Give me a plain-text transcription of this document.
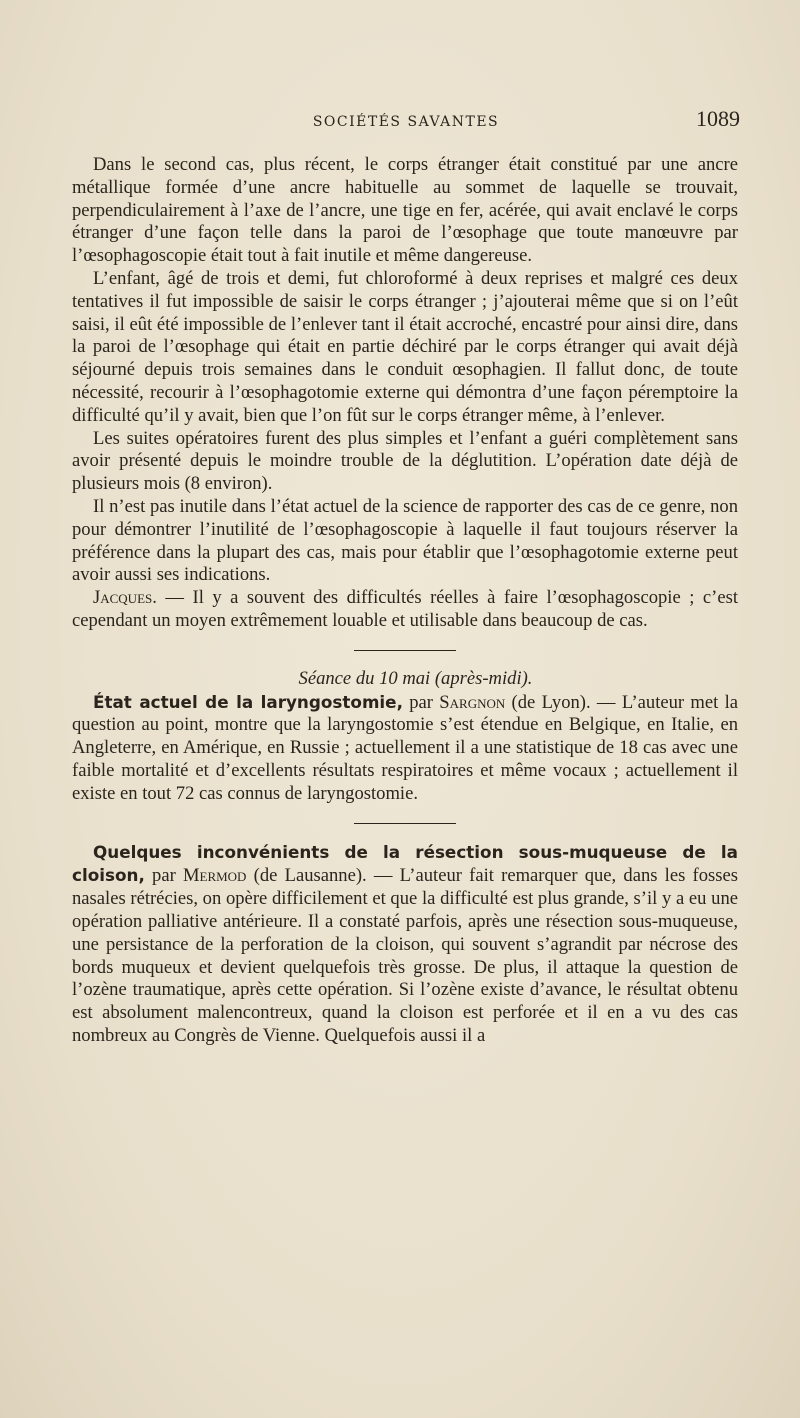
SOCIÉTÉS SAVANTES	1089

Dans le second cas, plus récent, le corps étranger était constitué par une ancre métallique formée d’une ancre habituelle au sommet de laquelle se trouvait, perpendiculairement à l’axe de l’ancre, une tige en fer, acérée, qui avait enclavé le corps étranger d’une façon telle dans la paroi de l’œsophage que toute manœuvre par l’œsophagoscopie était tout à fait inutile et même dangereuse.

L’enfant, âgé de trois et demi, fut chloroformé à deux reprises et malgré ces deux tentatives il fut impossible de saisir le corps étranger ; j’ajouterai même que si on l’eût saisi, il eût été impossible de l’enlever tant il était accroché, encastré pour ainsi dire, dans la paroi de l’œsophage qui était en partie déchiré par le corps étranger qui avait déjà séjourné depuis trois semaines dans le conduit œsophagien. Il fallut donc, de toute nécessité, recourir à l’œsophagotomie externe qui démontra d’une façon péremptoire la difficulté qu’il y avait, bien que l’on fût sur le corps étranger même, à l’enlever.

Les suites opératoires furent des plus simples et l’enfant a guéri complètement sans avoir présenté depuis le moindre trouble de la déglutition. L’opération date déjà de plusieurs mois (8 environ).

Il n’est pas inutile dans l’état actuel de la science de rapporter des cas de ce genre, non pour démontrer l’inutilité de l’œsophagoscopie à laquelle il faut toujours réserver la préférence dans la plupart des cas, mais pour établir que l’œsophagotomie externe peut avoir aussi ses indications.

Jacques. — Il y a souvent des difficultés réelles à faire l’œsophagoscopie ; c’est cependant un moyen extrêmement louable et utilisable dans beaucoup de cas.

Séance du 10 mai (après-midi).

État actuel de la laryngostomie, par Sargnon (de Lyon). — L’auteur met la question au point, montre que la laryngostomie s’est étendue en Belgique, en Italie, en Angleterre, en Amérique, en Russie ; actuellement il a une statistique de 18 cas avec une faible mortalité et d’excellents résultats respiratoires et même vocaux ; actuellement il existe en tout 72 cas connus de laryngostomie.

Quelques inconvénients de la résection sous-muqueuse de la cloison, par Mermod (de Lausanne). — L’auteur fait remarquer que, dans les fosses nasales rétrécies, on opère difficilement et que la difficulté est plus grande, s’il y a eu une opération palliative antérieure. Il a constaté parfois, après une résection sous-muqueuse, une persistance de la perforation de la cloison, qui souvent s’agrandit par nécrose des bords muqueux et devient quelquefois très grosse. De plus, il attaque la question de l’ozène traumatique, après cette opération. Si l’ozène existe d’avance, le résultat obtenu est absolument malencontreux, quand la cloison est perforée et il en a vu des cas nombreux au Congrès de Vienne. Quelquefois aussi il a
